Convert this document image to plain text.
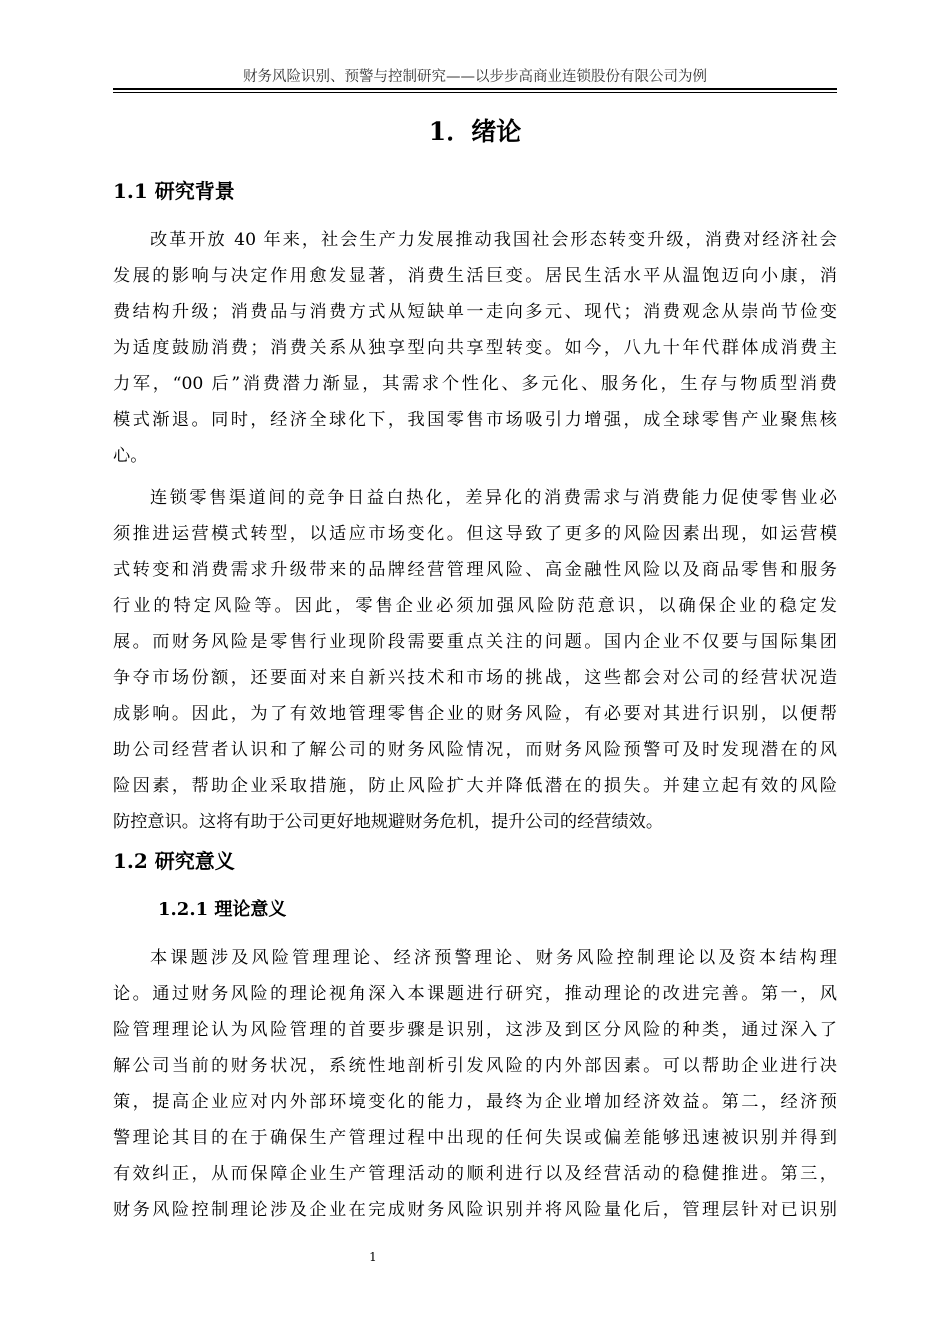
财务风险识别、预警与控制研究——以步步高商业连锁股份有限公司为例
1．绪论
1.1 研究背景
改革开放 40 年来，社会生产力发展推动我国社会形态转变升级，消费对经济社会
发展的影响与决定作用愈发显著，消费生活巨变。居民生活水平从温饱迈向小康，消
费结构升级；消费品与消费方式从短缺单一走向多元、现代；消费观念从崇尚节俭变
为适度鼓励消费；消费关系从独享型向共享型转变。如今，八九十年代群体成消费主
力军，“00 后”消费潜力渐显，其需求个性化、多元化、服务化，生存与物质型消费
模式渐退。同时，经济全球化下，我国零售市场吸引力增强，成全球零售产业聚焦核
心。
连锁零售渠道间的竞争日益白热化，差异化的消费需求与消费能力促使零售业必
须推进运营模式转型，以适应市场变化。但这导致了更多的风险因素出现，如运营模
式转变和消费需求升级带来的品牌经营管理风险、高金融性风险以及商品零售和服务
行业的特定风险等。因此，零售企业必须加强风险防范意识，以确保企业的稳定发
展。而财务风险是零售行业现阶段需要重点关注的问题。国内企业不仅要与国际集团
争夺市场份额，还要面对来自新兴技术和市场的挑战，这些都会对公司的经营状况造
成影响。因此，为了有效地管理零售企业的财务风险，有必要对其进行识别，以便帮
助公司经营者认识和了解公司的财务风险情况，而财务风险预警可及时发现潜在的风
险因素，帮助企业采取措施，防止风险扩大并降低潜在的损失。并建立起有效的风险
防控意识。这将有助于公司更好地规避财务危机，提升公司的经营绩效。
1.2 研究意义
1.2.1 理论意义
本课题涉及风险管理理论、经济预警理论、财务风险控制理论以及资本结构理
论。通过财务风险的理论视角深入本课题进行研究，推动理论的改进完善。第一，风
险管理理论认为风险管理的首要步骤是识别，这涉及到区分风险的种类，通过深入了
解公司当前的财务状况，系统性地剖析引发风险的内外部因素。可以帮助企业进行决
策，提高企业应对内外部环境变化的能力，最终为企业增加经济效益。第二，经济预
警理论其目的在于确保生产管理过程中出现的任何失误或偏差能够迅速被识别并得到
有效纠正，从而保障企业生产管理活动的顺利进行以及经营活动的稳健推进。第三，
财务风险控制理论涉及企业在完成财务风险识别并将风险量化后，管理层针对已识别
1
